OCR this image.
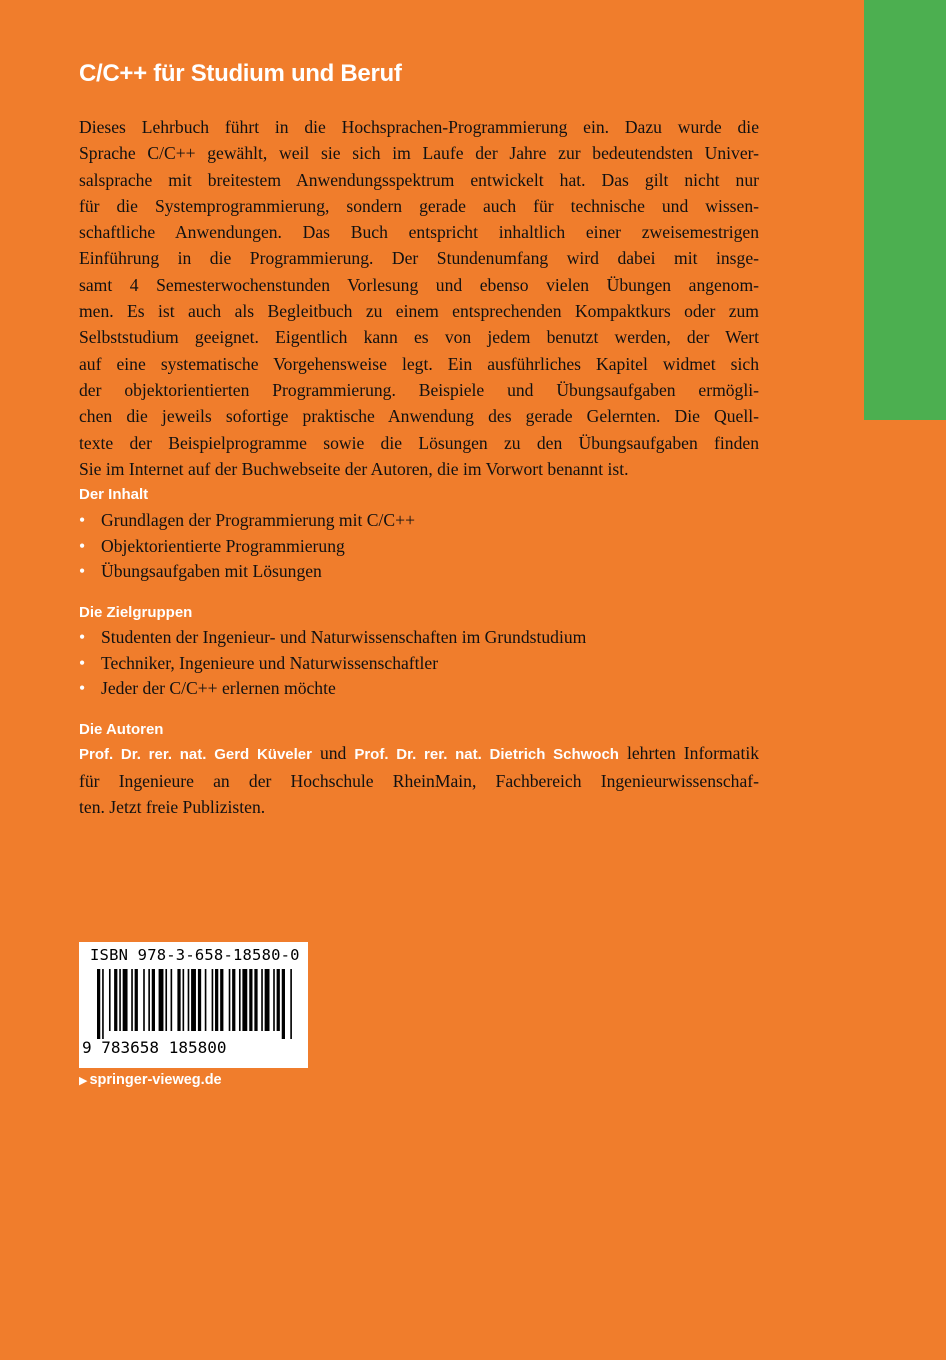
C/C++ für Studium und Beruf
Dieses Lehrbuch führt in die Hochsprachen-Programmierung ein. Dazu wurde die
Sprache C/C++ gewählt, weil sie sich im Laufe der Jahre zur bedeutendsten Univer-
salsprache mit breitestem Anwendungsspektrum entwickelt hat. Das gilt nicht nur
für die Systemprogrammierung, sondern gerade auch für technische und wissen-
schaftliche Anwendungen. Das Buch entspricht inhaltlich einer zweisemestrigen
Einführung in die Programmierung. Der Stundenumfang wird dabei mit insge-
samt 4 Semesterwochenstunden Vorlesung und ebenso vielen Übungen angenom-
men. Es ist auch als Begleitbuch zu einem entsprechenden Kompaktkurs oder zum
Selbststudium geeignet. Eigentlich kann es von jedem benutzt werden, der Wert
auf eine systematische Vorgehensweise legt. Ein ausführliches Kapitel widmet sich
der objektorientierten Programmierung. Beispiele und Übungsaufgaben ermögli-
chen die jeweils sofortige praktische Anwendung des gerade Gelernten. Die Quell-
texte der Beispielprogramme sowie die Lösungen zu den Übungsaufgaben finden
Sie im Internet auf der Buchwebseite der Autoren, die im Vorwort benannt ist.
Der Inhalt
• Grundlagen der Programmierung mit C/C++
• Objektorientierte Programmierung
• Übungsaufgaben mit Lösungen
Die Zielgruppen
• Studenten der Ingenieur- und Naturwissenschaften im Grundstudium
• Techniker, Ingenieure und Naturwissenschaftler
• Jeder der C/C++ erlernen möchte
Die Autoren
Prof. Dr. rer. nat. Gerd Küveler und Prof. Dr. rer. nat. Dietrich Schwoch lehrten Informatik
für Ingenieure an der Hochschule RheinMain, Fachbereich Ingenieurwissenschaf-
ten. Jetzt freie Publizisten.
ISBN 978-3-658-18580-0
9 783658 185800
▶ springer-vieweg.de
